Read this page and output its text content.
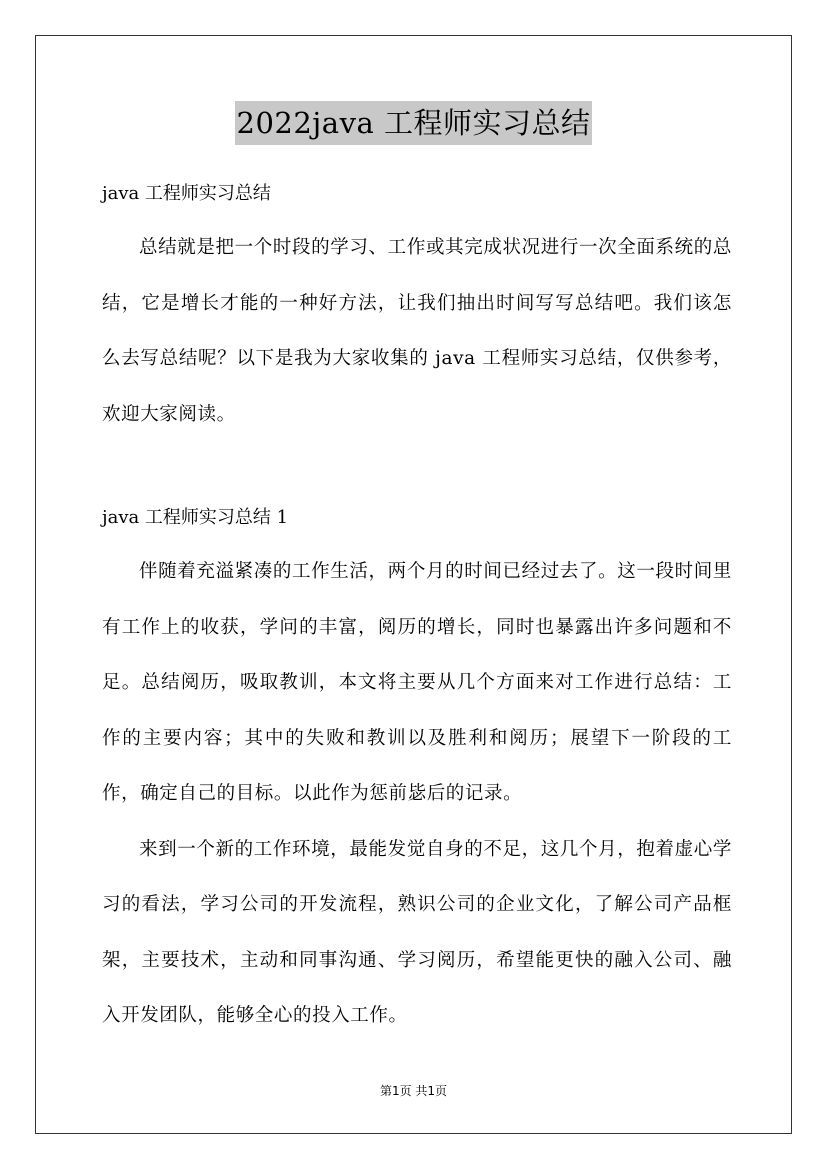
2022java 工程师实习总结

java 工程师实习总结

总结就是把一个时段的学习、工作或其完成状况进行一次全面系统的总结，它是增长才能的一种好方法，让我们抽出时间写写总结吧。我们该怎么去写总结呢？以下是我为大家收集的 java 工程师实习总结，仅供参考，欢迎大家阅读。

java 工程师实习总结 1

伴随着充溢紧凑的工作生活，两个月的时间已经过去了。这一段时间里有工作上的收获，学问的丰富，阅历的增长，同时也暴露出许多问题和不足。总结阅历，吸取教训，本文将主要从几个方面来对工作进行总结：工作的主要内容；其中的失败和教训以及胜利和阅历；展望下一阶段的工作，确定自己的目标。以此作为惩前毖后的记录。

来到一个新的工作环境，最能发觉自身的不足，这几个月，抱着虚心学习的看法，学习公司的开发流程，熟识公司的企业文化，了解公司产品框架，主要技术，主动和同事沟通、学习阅历，希望能更快的融入公司、融入开发团队，能够全心的投入工作。

第1页 共1页
